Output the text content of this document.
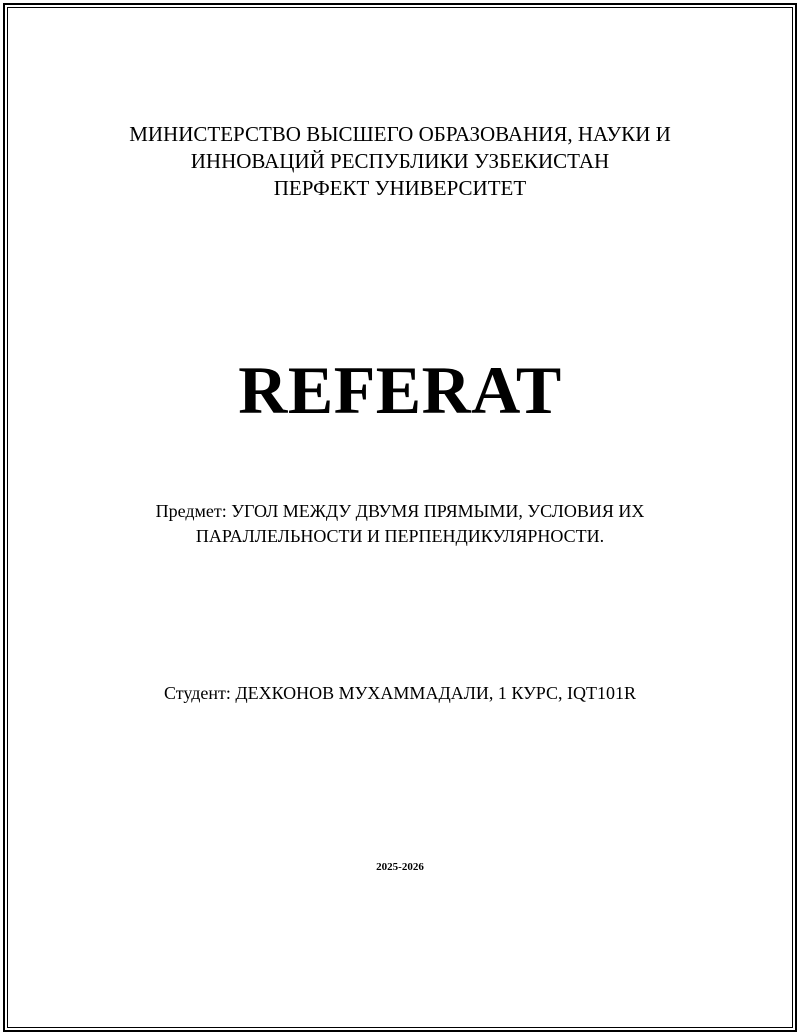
МИНИСТЕРСТВО ВЫСШЕГО ОБРАЗОВАНИЯ, НАУКИ И
ИННОВАЦИЙ РЕСПУБЛИКИ УЗБЕКИСТАН
ПЕРФЕКТ УНИВЕРСИТЕТ
REFERAT
Предмет: УГОЛ МЕЖДУ ДВУМЯ ПРЯМЫМИ, УСЛОВИЯ ИХ
ПАРАЛЛЕЛЬНОСТИ И ПЕРПЕНДИКУЛЯРНОСТИ.
Студент: ДЕХКОНОВ МУХАММАДАЛИ, 1 КУРС, IQT101R
2025-2026
